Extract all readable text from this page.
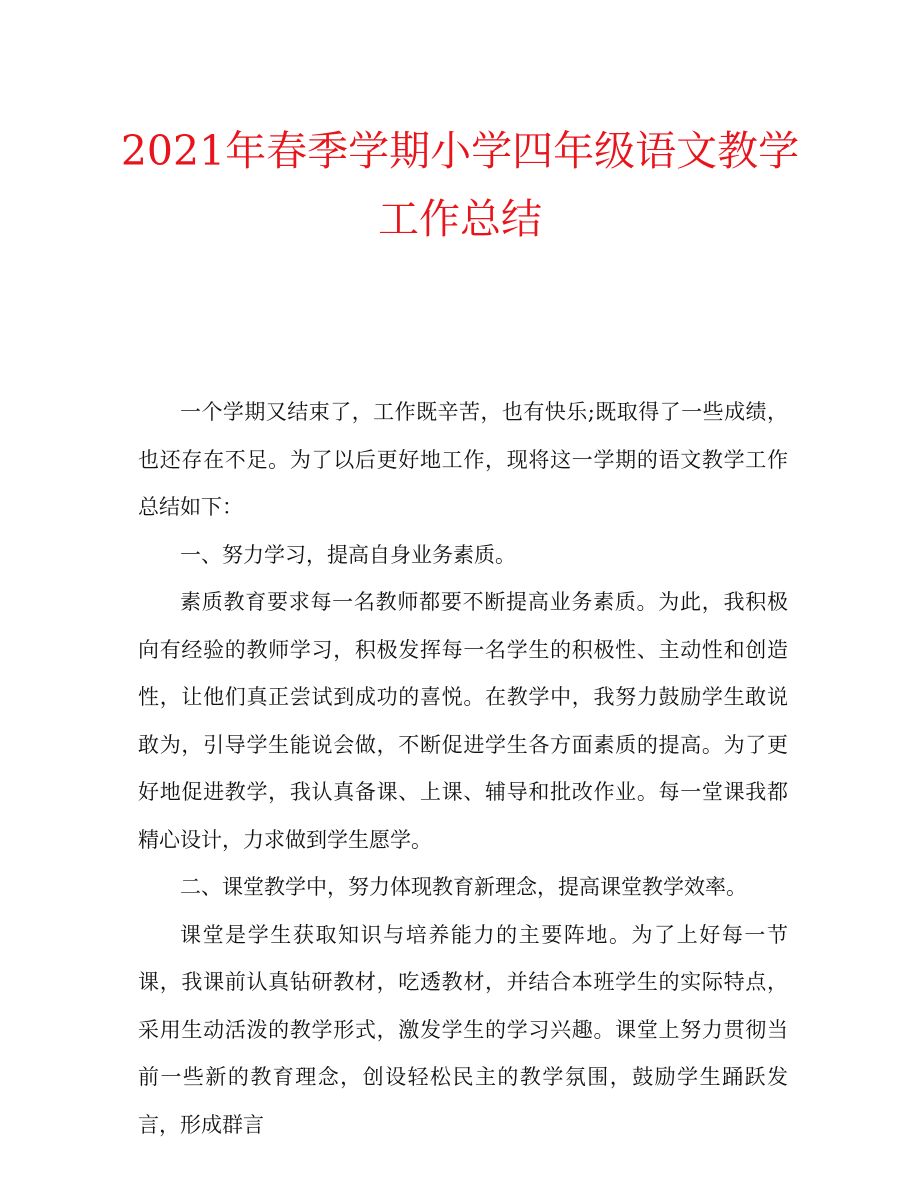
2021年春季学期小学四年级语文教学
工作总结

一个学期又结束了，工作既辛苦，也有快乐;既取得了一些成绩，也还存在不足。为了以后更好地工作，现将这一学期的语文教学工作总结如下：

一、努力学习，提高自身业务素质。

素质教育要求每一名教师都要不断提高业务素质。为此，我积极向有经验的教师学习，积极发挥每一名学生的积极性、主动性和创造性，让他们真正尝试到成功的喜悦。在教学中，我努力鼓励学生敢说敢为，引导学生能说会做，不断促进学生各方面素质的提高。为了更好地促进教学，我认真备课、上课、辅导和批改作业。每一堂课我都精心设计，力求做到学生愿学。

二、课堂教学中，努力体现教育新理念，提高课堂教学效率。

课堂是学生获取知识与培养能力的主要阵地。为了上好每一节课，我课前认真钻研教材，吃透教材，并结合本班学生的实际特点，采用生动活泼的教学形式，激发学生的学习兴趣。课堂上努力贯彻当前一些新的教育理念，创设轻松民主的教学氛围，鼓励学生踊跃发言，形成群言
